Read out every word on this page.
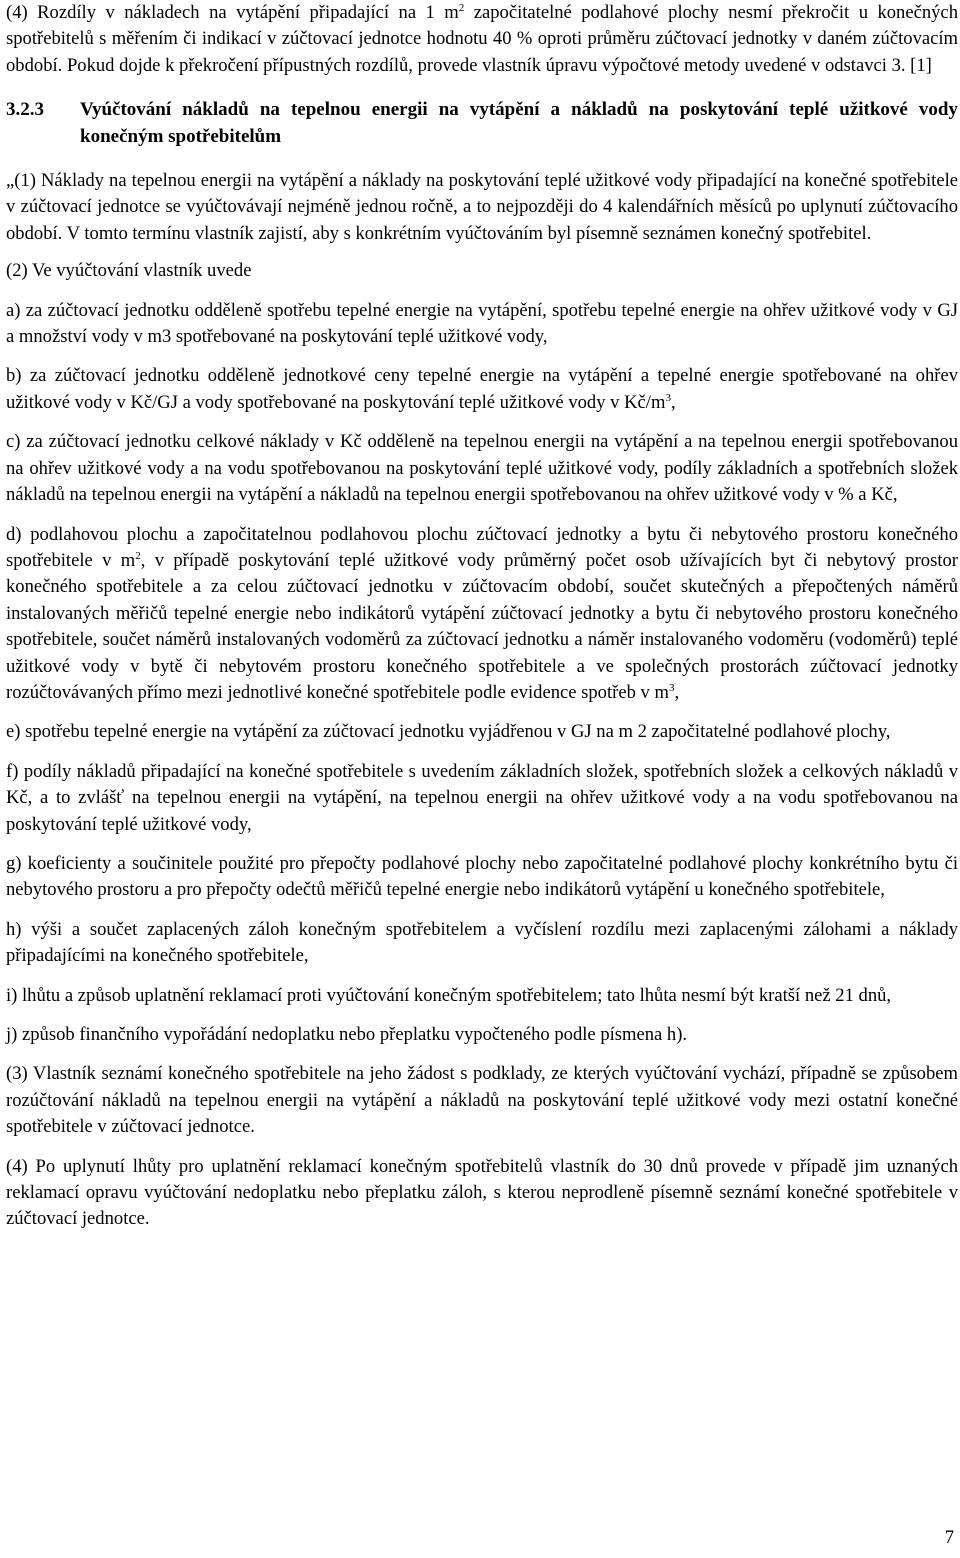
(4) Rozdíly v nákladech na vytápění připadající na 1 $m^2$ započitatelné podlahové plochy nesmí překročit u konečných spotřebitelů s měřením či indikací v zúčtovací jednotce hodnotu 40 % oproti průměru zúčtovací jednotky v daném zúčtovacím období. Pokud dojde k překročení přípustných rozdílů, provede vlastník úpravu výpočtové metody uvedené v odstavci 3. [1]

3.2.3	Vyúčtování nákladů na tepelnou energii na vytápění a nákladů na poskytování teplé užitkové vody konečným spotřebitelům

„(1) Náklady na tepelnou energii na vytápění a náklady na poskytování teplé užitkové vody připadající na konečné spotřebitele v zúčtovací jednotce se vyúčtovávají nejméně jednou ročně, a to nejpozději do 4 kalendářních měsíců po uplynutí zúčtovacího období. V tomto termínu vlastník zajistí, aby s konkrétním vyúčtováním byl písemně seznámen konečný spotřebitel.

(2) Ve vyúčtování vlastník uvede

a) za zúčtovací jednotku odděleně spotřebu tepelné energie na vytápění, spotřebu tepelné energie na ohřev užitkové vody v GJ a množství vody v m3 spotřebované na poskytování teplé užitkové vody,

b) za zúčtovací jednotku odděleně jednotkové ceny tepelné energie na vytápění a tepelné energie spotřebované na ohřev užitkové vody v Kč/GJ a vody spotřebované na poskytování teplé užitkové vody v $Kč/m^3$,

c) za zúčtovací jednotku celkové náklady v Kč odděleně na tepelnou energii na vytápění a na tepelnou energii spotřebovanou na ohřev užitkové vody a na vodu spotřebovanou na poskytování teplé užitkové vody, podíly základních a spotřebních složek nákladů na tepelnou energii na vytápění a nákladů na tepelnou energii spotřebovanou na ohřev užitkové vody v % a Kč,

d) podlahovou plochu a započitatelnou podlahovou plochu zúčtovací jednotky a bytu či nebytového prostoru konečného spotřebitele v $m^2$, v případě poskytování teplé užitkové vody průměrný počet osob užívajících byt či nebytový prostor konečného spotřebitele a za celou zúčtovací jednotku v zúčtovacím období, součet skutečných a přepočtených náměrů instalovaných měřičů tepelné energie nebo indikátorů vytápění zúčtovací jednotky a bytu či nebytového prostoru konečného spotřebitele, součet náměrů instalovaných vodoměrů za zúčtovací jednotku a náměr instalovaného vodoměru (vodoměrů) teplé užitkové vody v bytě či nebytovém prostoru konečného spotřebitele a ve společných prostorách zúčtovací jednotky rozúčtovávaných přímo mezi jednotlivé konečné spotřebitele podle evidence spotřeb v $m^3$,

e) spotřebu tepelné energie na vytápění za zúčtovací jednotku vyjádřenou v GJ na m 2 započitatelné podlahové plochy,

f) podíly nákladů připadající na konečné spotřebitele s uvedením základních složek, spotřebních složek a celkových nákladů v Kč, a to zvlášť na tepelnou energii na vytápění, na tepelnou energii na ohřev užitkové vody a na vodu spotřebovanou na poskytování teplé užitkové vody,

g) koeficienty a součinitele použité pro přepočty podlahové plochy nebo započitatelné podlahové plochy konkrétního bytu či nebytového prostoru a pro přepočty odečtů měřičů tepelné energie nebo indikátorů vytápění u konečného spotřebitele,

h) výši a součet zaplacených záloh konečným spotřebitelem a vyčíslení rozdílu mezi zaplacenými zálohami a náklady připadajícími na konečného spotřebitele,

i) lhůtu a způsob uplatnění reklamací proti vyúčtování konečným spotřebitelem; tato lhůta nesmí být kratší než 21 dnů,

j) způsob finančního vypořádání nedoplatku nebo přeplatku vypočteného podle písmena h).

(3) Vlastník seznámí konečného spotřebitele na jeho žádost s podklady, ze kterých vyúčtování vychází, případně se způsobem rozúčtování nákladů na tepelnou energii na vytápění a nákladů na poskytování teplé užitkové vody mezi ostatní konečné spotřebitele v zúčtovací jednotce.

(4) Po uplynutí lhůty pro uplatnění reklamací konečným spotřebitelů vlastník do 30 dnů provede v případě jim uznaných reklamací opravu vyúčtování nedoplatku nebo přeplatku záloh, s kterou neprodleně písemně seznámí konečné spotřebitele v zúčtovací jednotce.

7
